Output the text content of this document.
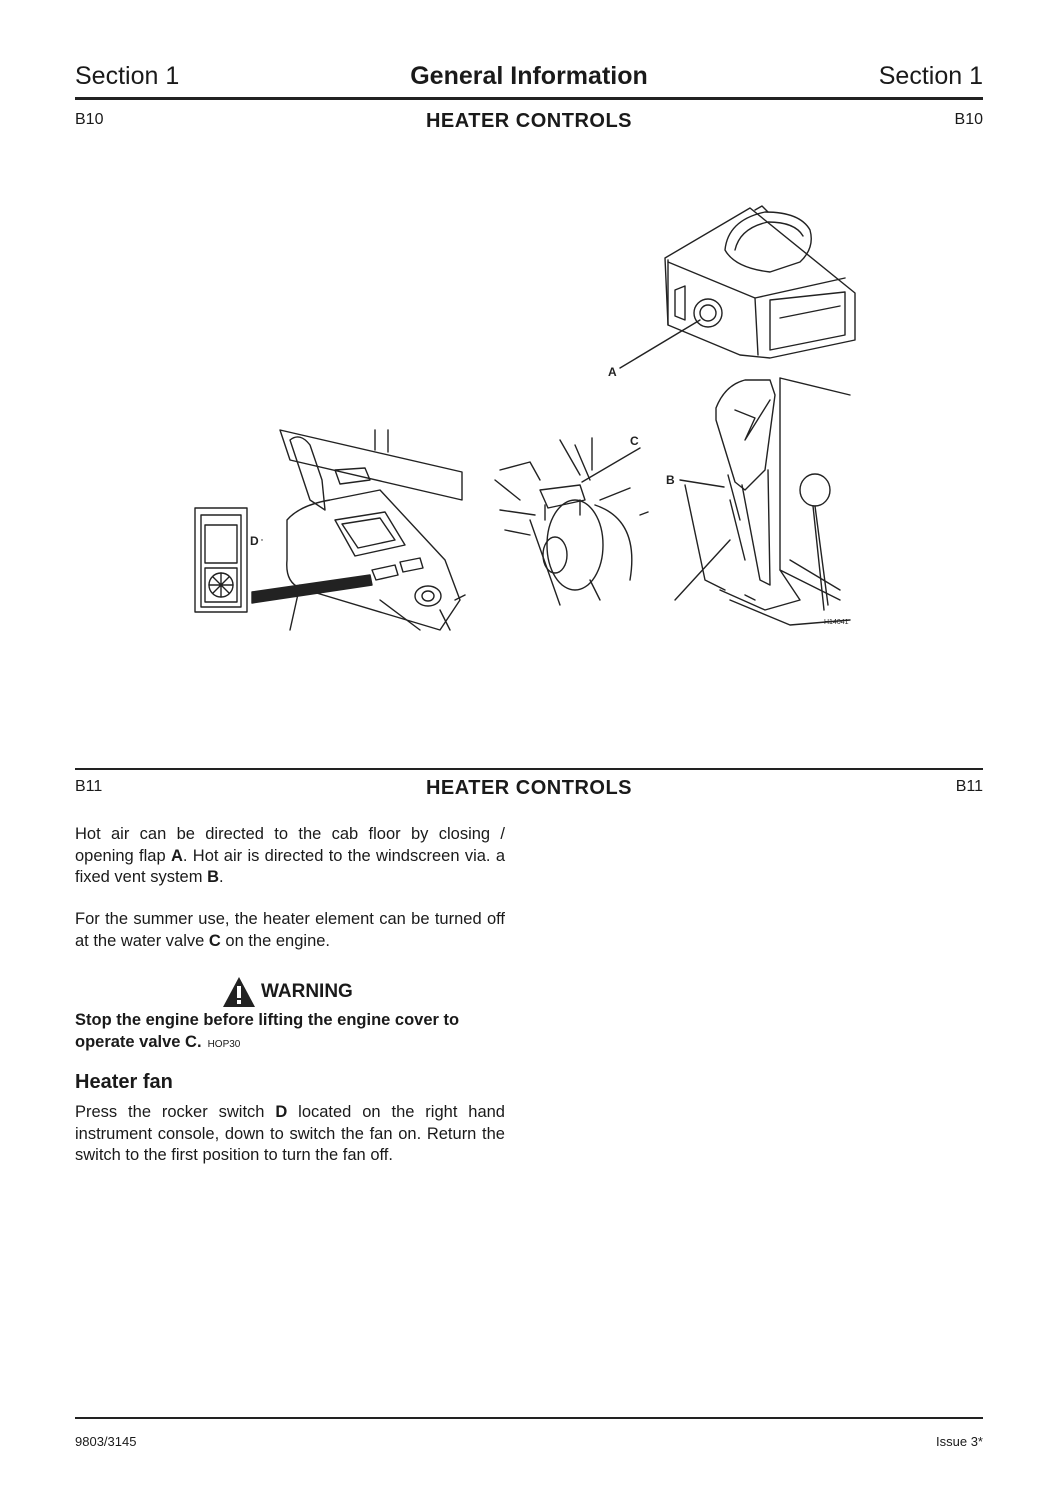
Section 1	General Information	Section 1
B10	HEATER CONTROLS	B10
A
B
C
D
H14041
B11	HEATER CONTROLS	B11

Hot air can be directed to the cab floor by closing / opening flap A. Hot air is directed to the windscreen via. a fixed vent system B.

For the summer use, the heater element can be turned off at the water valve C on the engine.

WARNING

Stop the engine before lifting the engine cover to operate valve C. HOP30

Heater fan

Press the rocker switch D located on the right hand instrument console, down to switch the fan on. Return the switch to the first position to turn the fan off.

9803/3145	Issue 3*
